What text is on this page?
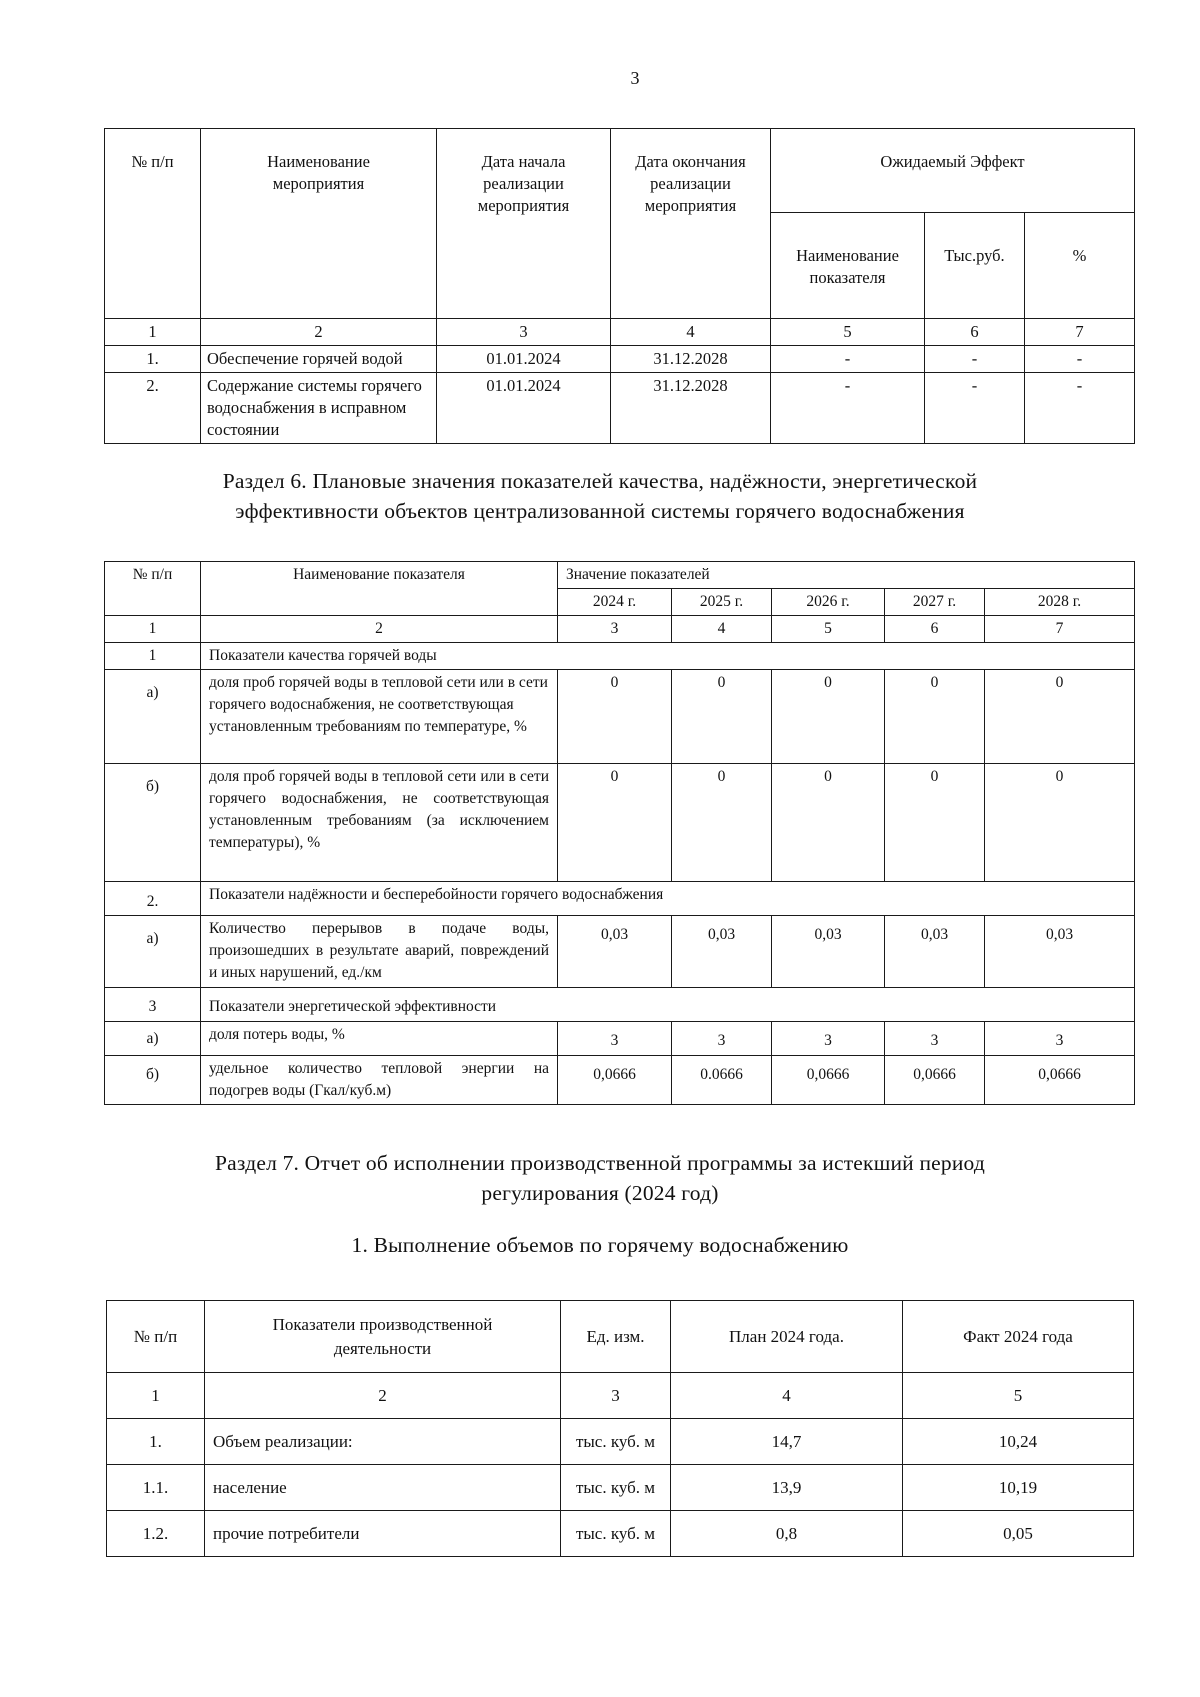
3
№ п/п	Наименование мероприятия	Дата начала реализации мероприятия	Дата окончания реализации мероприятия	Ожидаемый Эффект		
				Наименование показателя	Тыс.руб.	%
1	2	3	4	5	6	7
1.	Обеспечение горячей водой	01.01.2024	31.12.2028	-	-	-
2.	Содержание системы горячего водоснабжения в исправном состоянии	01.01.2024	31.12.2028	-	-	-
Раздел 6. Плановые значения показателей качества, надёжности, энергетической
эффективности объектов централизованной системы горячего водоснабжения
№ п/п	Наименование показателя	Значение показателей				
		2024 г.	2025 г.	2026 г.	2027 г.	2028 г.
1	2	3	4	5	6	7
1	Показатели качества горячей воды					
а)	доля проб горячей воды в тепловой сети или в сети горячего водоснабжения, не соответствующая установленным требованиям по температуре, %	0	0	0	0	0
б)	доля проб горячей воды в тепловой сети или в сети горячего водоснабжения, не соответствующая установленным требованиям (за исключением температуры), %	0	0	0	0	0
2.	Показатели надёжности и бесперебойности горячего водоснабжения					
а)	Количество перерывов в подаче воды, произошедших в результате аварий, повреждений и иных нарушений, ед./км	0,03	0,03	0,03	0,03	0,03
3	Показатели энергетической эффективности					
а)	доля потерь воды, %	3	3	3	3	3
б)	удельное количество тепловой энергии на подогрев воды (Гкал/куб.м)	0,0666	0.0666	0,0666	0,0666	0,0666
Раздел 7. Отчет об исполнении производственной программы за истекший период
регулирования (2024 год)
1. Выполнение объемов по горячему водоснабжению
№ п/п	Показатели производственной деятельности	Ед. изм.	План 2024 года.	Факт 2024 года
1	2	3	4	5
1.	Объем реализации:	тыс. куб. м	14,7	10,24
1.1.	население	тыс. куб. м	13,9	10,19
1.2.	прочие потребители	тыс. куб. м	0,8	0,05
